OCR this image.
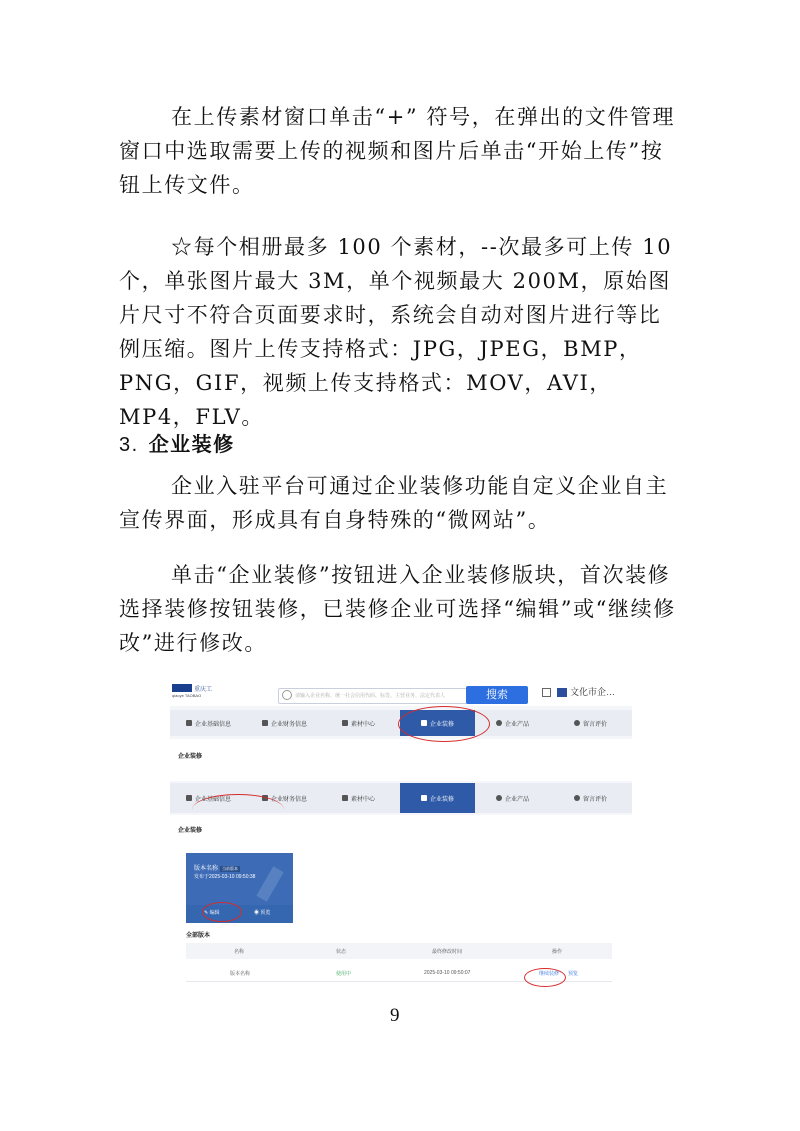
在上传素材窗口单击“+” 符号，在弹出的文件管理窗口中选取需要上传的视频和图片后单击“开始上传”按钮上传文件。
☆每个相册最多 100 个素材，--次最多可上传 10 个，单张图片最大 3M，单个视频最大 200M，原始图片尺寸不符合页面要求时，系统会自动对图片进行等比例压缩。图片上传支持格式：JPG，JPEG，BMP，PNG，GIF，视频上传支持格式：MOV，AVI，MP4，FLV。
3. 企业装修
企业入驻平台可通过企业装修功能自定义企业自主宣传界面，形成具有自身特殊的“微网站”。
单击“企业装修”按钮进入企业装修版块，首次装修选择装修按钮装修，已装修企业可选择“编辑”或“继续修改”进行修改。
重庆工
qiaoye TAOBAO	请输入企业名称、统一社会信用代码、标签、主营业务、法定代表人	搜索	文化市企…
企业基础信息	企业财务信息	素材中心	企业装修	企业产品	留言评价
企业装修
企业基础信息	企业财务信息	素材中心	企业装修	企业产品	留言评价
企业装修
版本名称 当前版本
发布于2025-03-10 09:50:38
✎ 编辑	◉ 预览
全部版本
名称	状态	最终修改时间	操作
版本名称	使用中	2025-03-10 09:50:07	继续装修 预览
9
